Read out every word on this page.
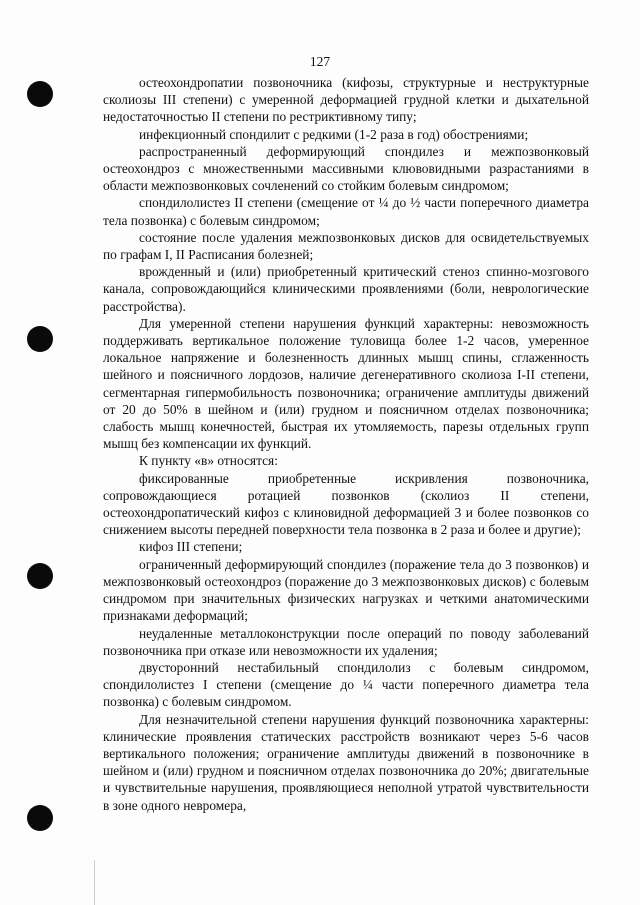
127

остеохондропатии позвоночника (кифозы, структурные и неструктурные сколиозы III степени) с умеренной деформацией грудной клетки и дыхательной недостаточностью II степени по рестриктивному типу;

инфекционный спондилит с редкими (1-2 раза в год) обострениями;

распространенный деформирующий спондилез и межпозвонковый остеохондроз с множественными массивными клювовидными разрастаниями в области межпозвонковых сочленений со стойким болевым синдромом;

спондилолистез II степени (смещение от ¼ до ½ части поперечного диаметра тела позвонка) с болевым синдромом;

состояние после удаления межпозвонковых дисков для освидетельствуемых по графам I, II Расписания болезней;

врожденный и (или) приобретенный критический стеноз спинно-мозгового канала, сопровождающийся клиническими проявлениями (боли, неврологические расстройства).

Для умеренной степени нарушения функций характерны: невозможность поддерживать вертикальное положение туловища более 1-2 часов, умеренное локальное напряжение и болезненность длинных мышц спины, сглаженность шейного и поясничного лордозов, наличие дегенеративного сколиоза I-II степени, сегментарная гипермобильность позвоночника; ограничение амплитуды движений от 20 до 50% в шейном и (или) грудном и поясничном отделах позвоночника; слабость мышц конечностей, быстрая их утомляемость, парезы отдельных групп мышц без компенсации их функций.

К пункту «в» относятся:

фиксированные приобретенные искривления позвоночника, сопровождающиеся ротацией позвонков (сколиоз II степени, остеохондропатический кифоз с клиновидной деформацией 3 и более позвонков со снижением высоты передней поверхности тела позвонка в 2 раза и более и другие);

кифоз III степени;

ограниченный деформирующий спондилез (поражение тела до 3 позвонков) и межпозвонковый остеохондроз (поражение до 3 межпозвонковых дисков) с болевым синдромом при значительных физических нагрузках и четкими анатомическими признаками деформаций;

неудаленные металлоконструкции после операций по поводу заболеваний позвоночника при отказе или невозможности их удаления;

двусторонний нестабильный спондилолиз с болевым синдромом, спондилолистез I степени (смещение до ¼ части поперечного диаметра тела позвонка) с болевым синдромом.

Для незначительной степени нарушения функций позвоночника характерны: клинические проявления статических расстройств возникают через 5-6 часов вертикального положения; ограничение амплитуды движений в позвоночнике в шейном и (или) грудном и поясничном отделах позвоночника до 20%; двигательные и чувствительные нарушения, проявляющиеся неполной утратой чувствительности в зоне одного невромера,
